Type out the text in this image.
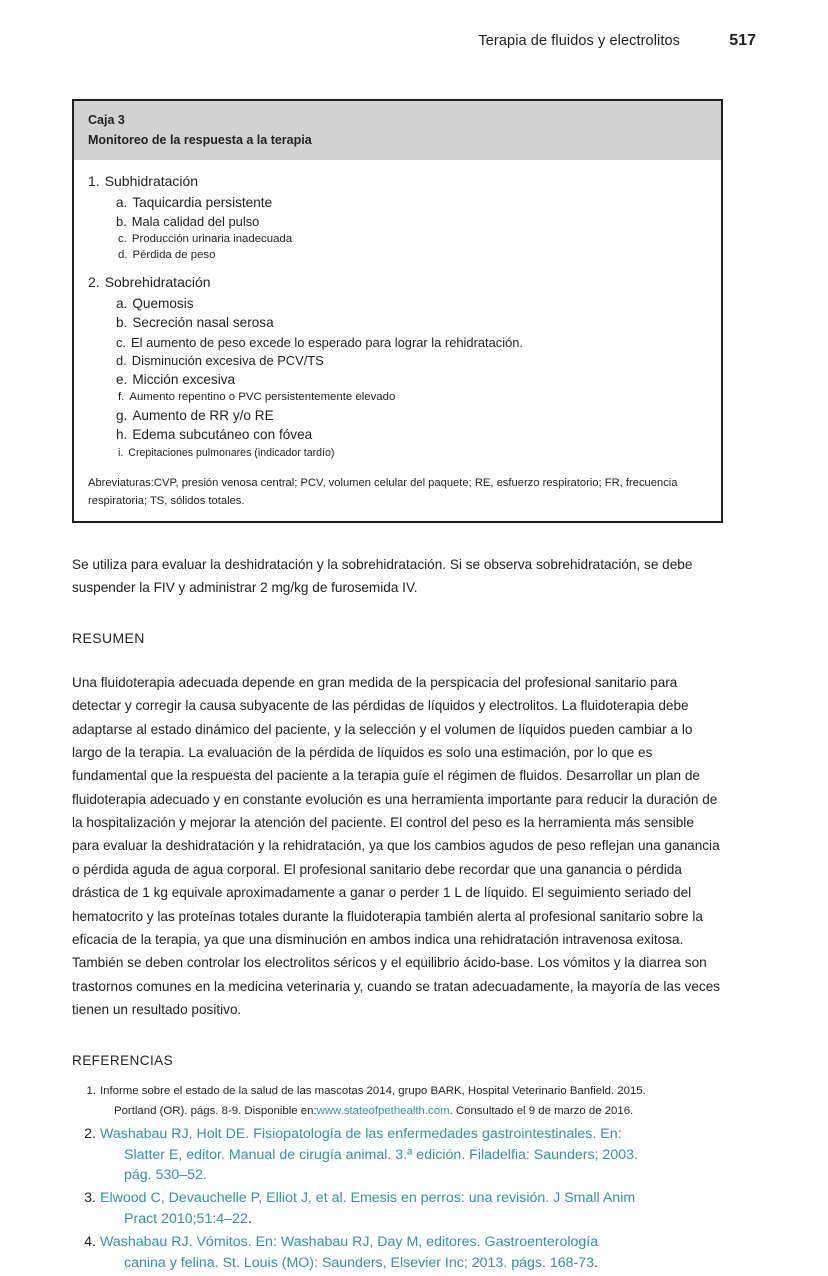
Terapia de fluidos y electrolitos	517
Caja 3
Monitoreo de la respuesta a la terapia
1. Subhidratación
a. Taquicardia persistente
b. Mala calidad del pulso
c. Producción urinaria inadecuada
d. Pérdida de peso
2. Sobrehidratación
a. Quemosis
b. Secreción nasal serosa
c. El aumento de peso excede lo esperado para lograr la rehidratación.
d. Disminución excesiva de PCV/TS
e. Micción excesiva
f. Aumento repentino o PVC persistentemente elevado
g. Aumento de RR y/o RE
h. Edema subcutáneo con fóvea
i. Crepitaciones pulmonares (indicador tardío)
Abreviaturas:CVP, presión venosa central; PCV, volumen celular del paquete; RE, esfuerzo respiratorio; FR, frecuencia respiratoria; TS, sólidos totales.

Se utiliza para evaluar la deshidratación y la sobrehidratación. Si se observa sobrehidratación, se debe suspender la FIV y administrar 2 mg/kg de furosemida IV.

RESUMEN

Una fluidoterapia adecuada depende en gran medida de la perspicacia del profesional sanitario para detectar y corregir la causa subyacente de las pérdidas de líquidos y electrolitos. La fluidoterapia debe adaptarse al estado dinámico del paciente, y la selección y el volumen de líquidos pueden cambiar a lo largo de la terapia. La evaluación de la pérdida de líquidos es solo una estimación, por lo que es fundamental que la respuesta del paciente a la terapia guíe el régimen de fluidos. Desarrollar un plan de fluidoterapia adecuado y en constante evolución es una herramienta importante para reducir la duración de la hospitalización y mejorar la atención del paciente. El control del peso es la herramienta más sensible para evaluar la deshidratación y la rehidratación, ya que los cambios agudos de peso reflejan una ganancia o pérdida aguda de agua corporal. El profesional sanitario debe recordar que una ganancia o pérdida drástica de 1 kg equivale aproximadamente a ganar o perder 1 L de líquido. El seguimiento seriado del hematocrito y las proteínas totales durante la fluidoterapia también alerta al profesional sanitario sobre la eficacia de la terapia, ya que una disminución en ambos indica una rehidratación intravenosa exitosa. También se deben controlar los electrolitos séricos y el equilibrio ácido-base. Los vómitos y la diarrea son trastornos comunes en la medicina veterinaria y, cuando se tratan adecuadamente, la mayoría de las veces tienen un resultado positivo.

REFERENCIAS
1. Informe sobre el estado de la salud de las mascotas 2014, grupo BARK, Hospital Veterinario Banfield. 2015.
Portland (OR). págs. 8-9. Disponible en:www.stateofpethealth.com. Consultado el 9 de marzo de 2016.
2. Washabau RJ, Holt DE. Fisiopatología de las enfermedades gastrointestinales. En:
Slatter E, editor. Manual de cirugía animal. 3.ª edición. Filadelfia: Saunders; 2003.
pág. 530–52.
3. Elwood C, Devauchelle P, Elliot J, et al. Emesis en perros: una revisión. J Small Anim
Pract 2010;51:4–22.
4. Washabau RJ. Vómitos. En: Washabau RJ, Day M, editores. Gastroenterología
canina y felina. St. Louis (MO): Saunders, Elsevier Inc; 2013. págs. 168-73.
